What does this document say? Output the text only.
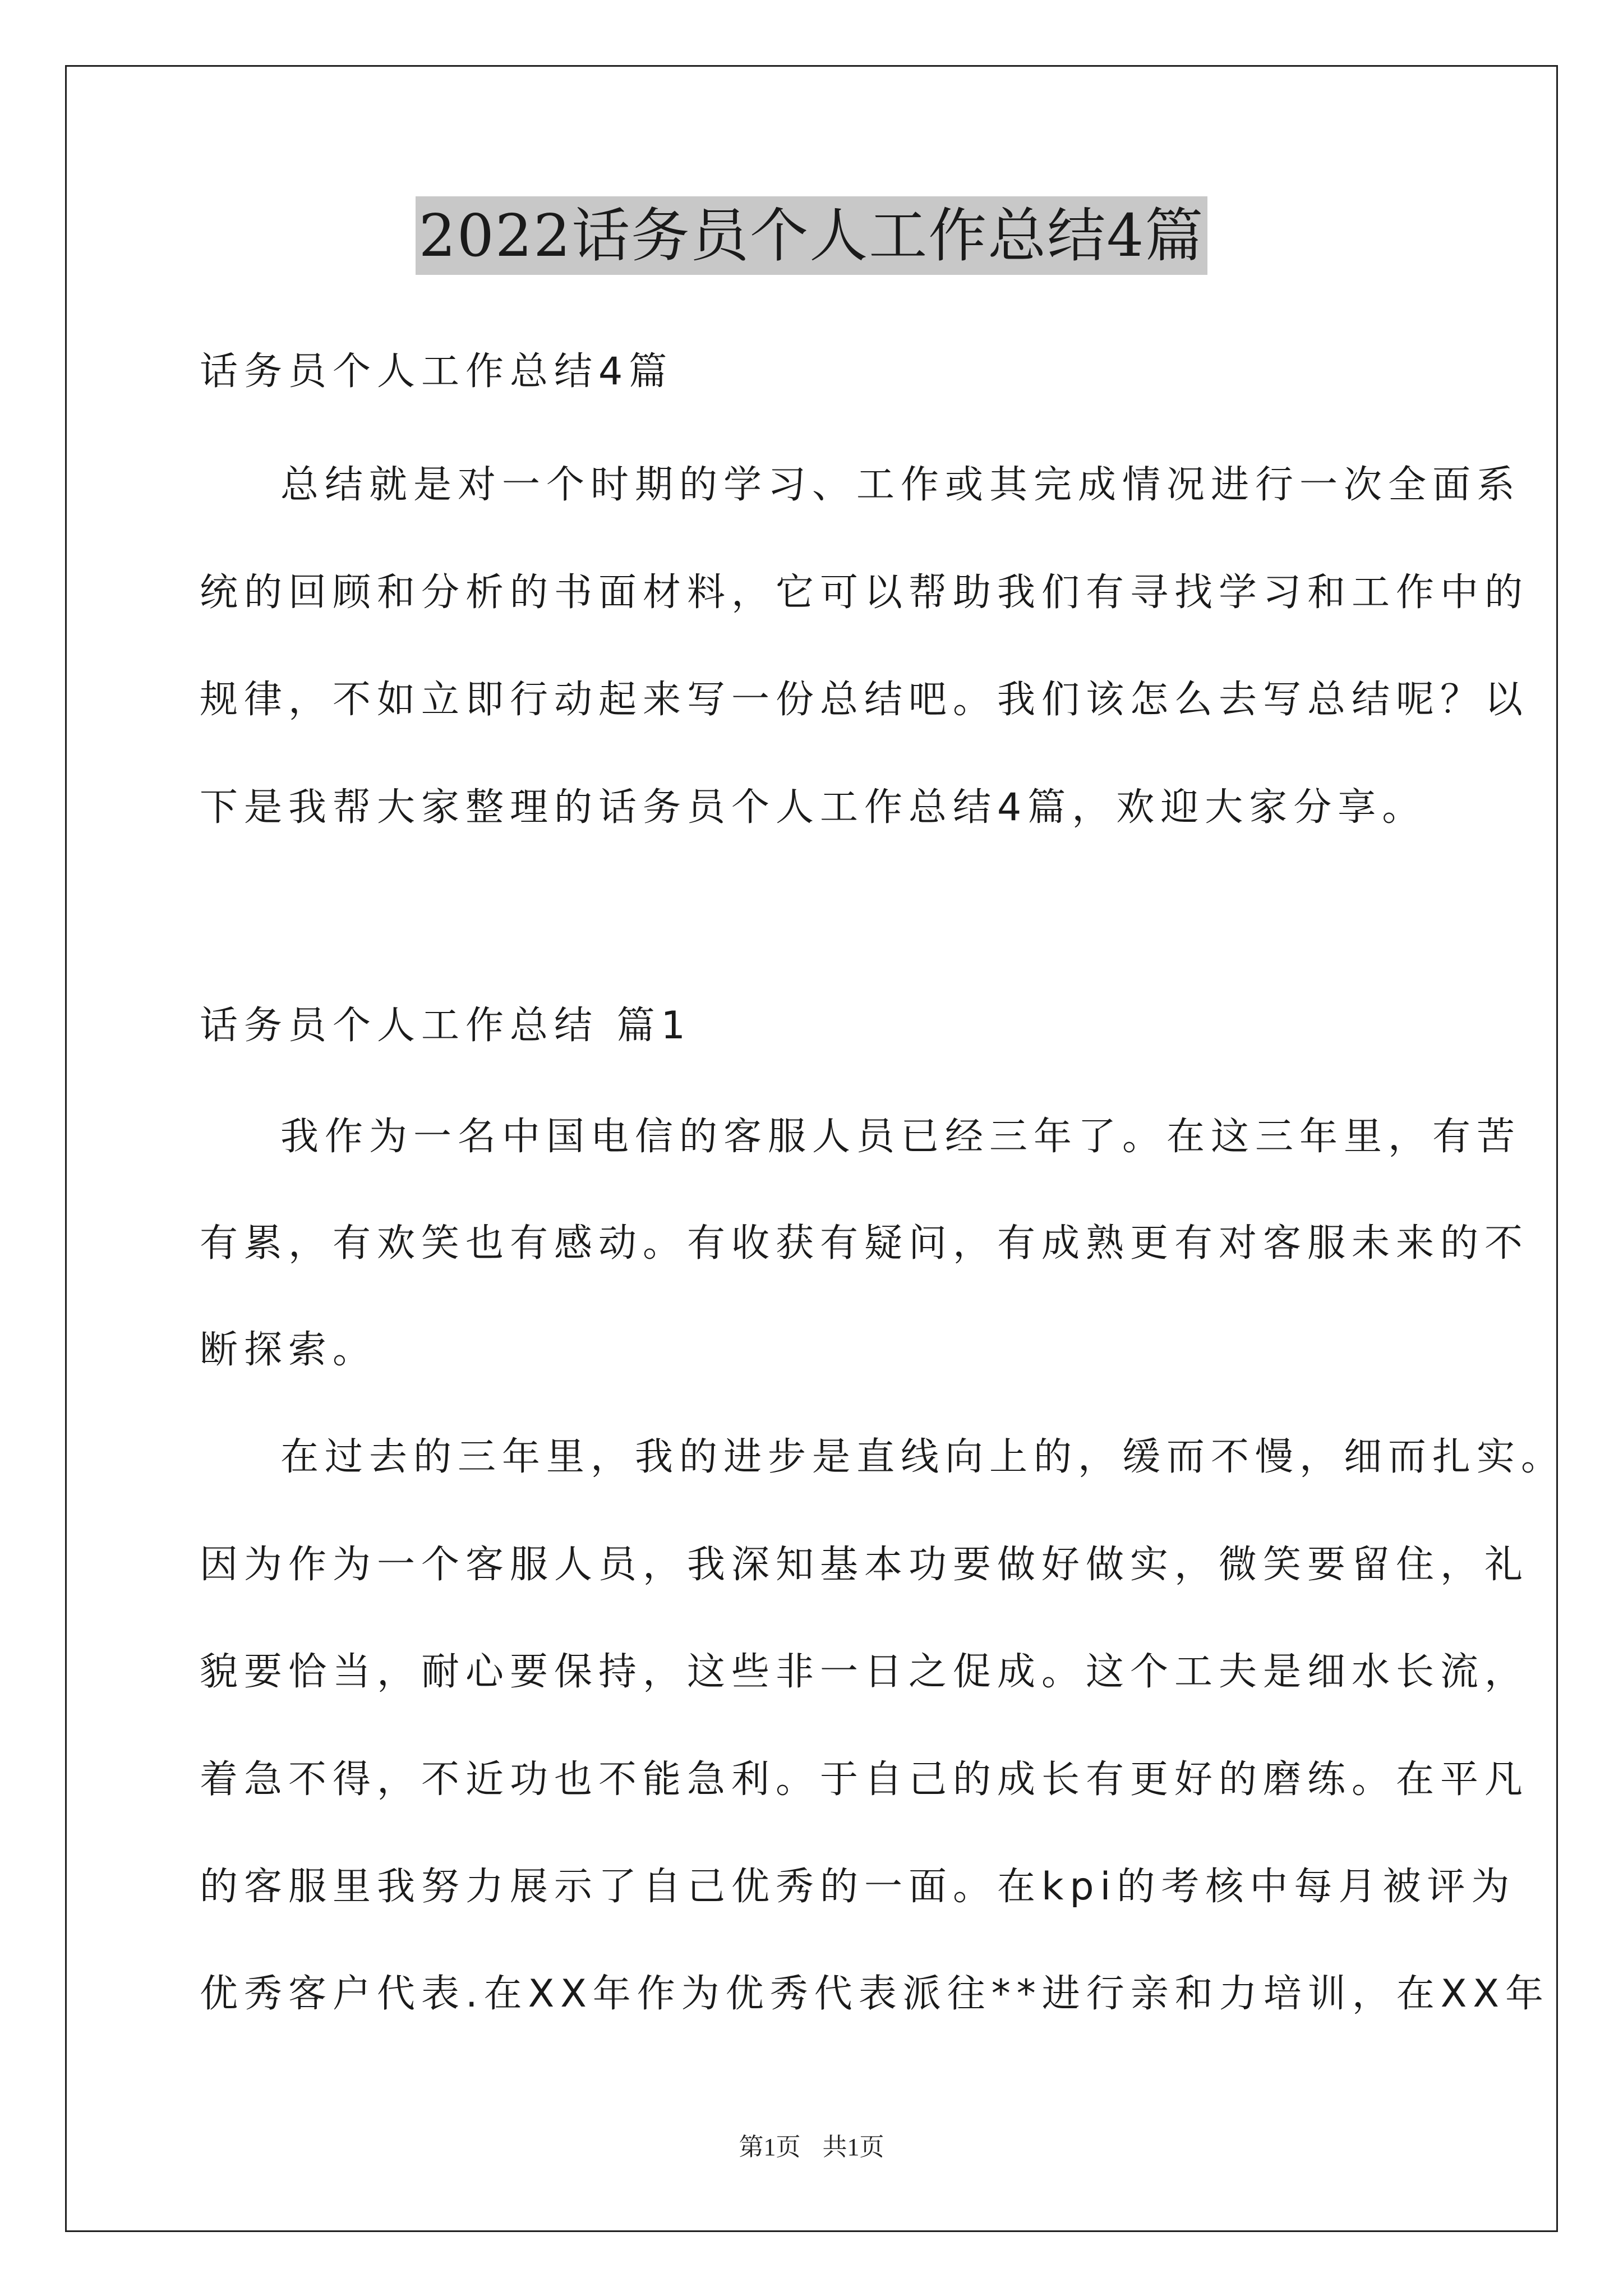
2022话务员个人工作总结4篇
话务员个人工作总结4篇
总结就是对一个时期的学习、工作或其完成情况进行一次全面系
统的回顾和分析的书面材料，它可以帮助我们有寻找学习和工作中的
规律，不如立即行动起来写一份总结吧。我们该怎么去写总结呢？以
下是我帮大家整理的话务员个人工作总结4篇，欢迎大家分享。
话务员个人工作总结 篇1
我作为一名中国电信的客服人员已经三年了。在这三年里，有苦
有累，有欢笑也有感动。有收获有疑问，有成熟更有对客服未来的不
断探索。
在过去的三年里，我的进步是直线向上的，缓而不慢，细而扎实。
因为作为一个客服人员，我深知基本功要做好做实，微笑要留住，礼
貌要恰当，耐心要保持，这些非一日之促成。这个工夫是细水长流，
着急不得，不近功也不能急利。于自己的成长有更好的磨练。在平凡
的客服里我努力展示了自己优秀的一面。在kpi的考核中每月被评为
优秀客户代表.在XX年作为优秀代表派往**进行亲和力培训，在XX年
第1页 共1页
